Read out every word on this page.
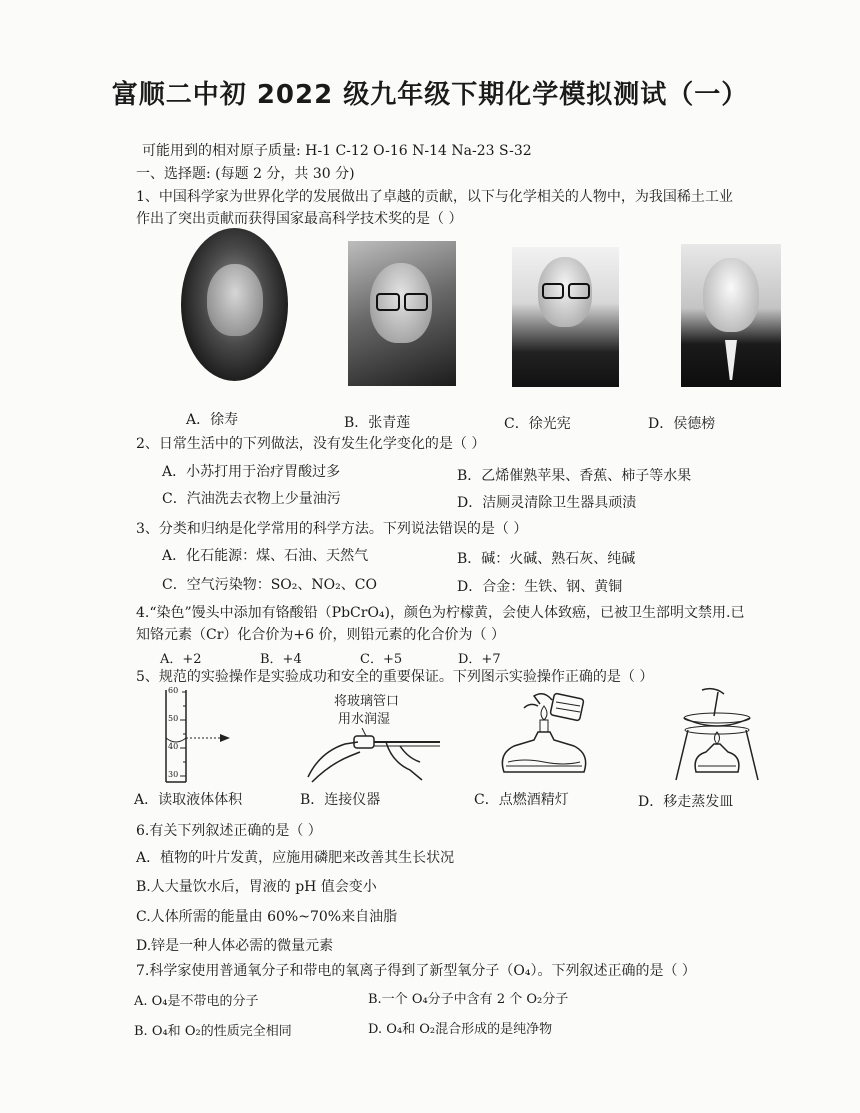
富顺二中初 2022 级九年级下期化学模拟测试（一）
可能用到的相对原子质量: H-1 C-12 O-16 N-14 Na-23 S-32
一、选择题: (每题 2 分，共 30 分)
1、中国科学家为世界化学的发展做出了卓越的贡献，以下与化学相关的人物中，为我国稀土工业
作出了突出贡献而获得国家最高科学技术奖的是（ ）
A．徐寿	B．张青莲	C．徐光宪	D．侯德榜
2、日常生活中的下列做法，没有发生化学变化的是（ ）
A．小苏打用于治疗胃酸过多	B．乙烯催熟苹果、香蕉、柿子等水果
C．汽油洗去衣物上少量油污	D．洁厕灵清除卫生器具顽渍
3、分类和归纳是化学常用的科学方法。下列说法错误的是（ ）
A．化石能源：煤、石油、天然气	B．碱：火碱、熟石灰、纯碱
C．空气污染物：SO₂、NO₂、CO	D．合金：生铁、钢、黄铜
4.“染色”馒头中添加有铬酸铅（PbCrO₄)，颜色为柠檬黄，会使人体致癌，已被卫生部明文禁用.已
知铬元素（Cr）化合价为+6 价，则铅元素的化合价为（ ）
A．+2	B．+4	C．+5	D．+7
5、规范的实验操作是实验成功和安全的重要保证。下列图示实验操作正确的是（ ）
60
50
40
30
将玻璃管口
用水润湿
A．读取液体体积	B．连接仪器	C．点燃酒精灯	D．移走蒸发皿
6.有关下列叙述正确的是（ ）
A．植物的叶片发黄，应施用磷肥来改善其生长状况
B.人大量饮水后，胃液的 pH 值会变小
C.人体所需的能量由 60%~70%来自油脂
D.锌是一种人体必需的微量元素
7.科学家使用普通氧分子和带电的氧离子得到了新型氧分子（O₄）。下列叙述正确的是（ ）
A. O₄是不带电的分子	B.一个 O₄分子中含有 2 个 O₂分子
B. O₄和 O₂的性质完全相同	D. O₄和 O₂混合形成的是纯净物
